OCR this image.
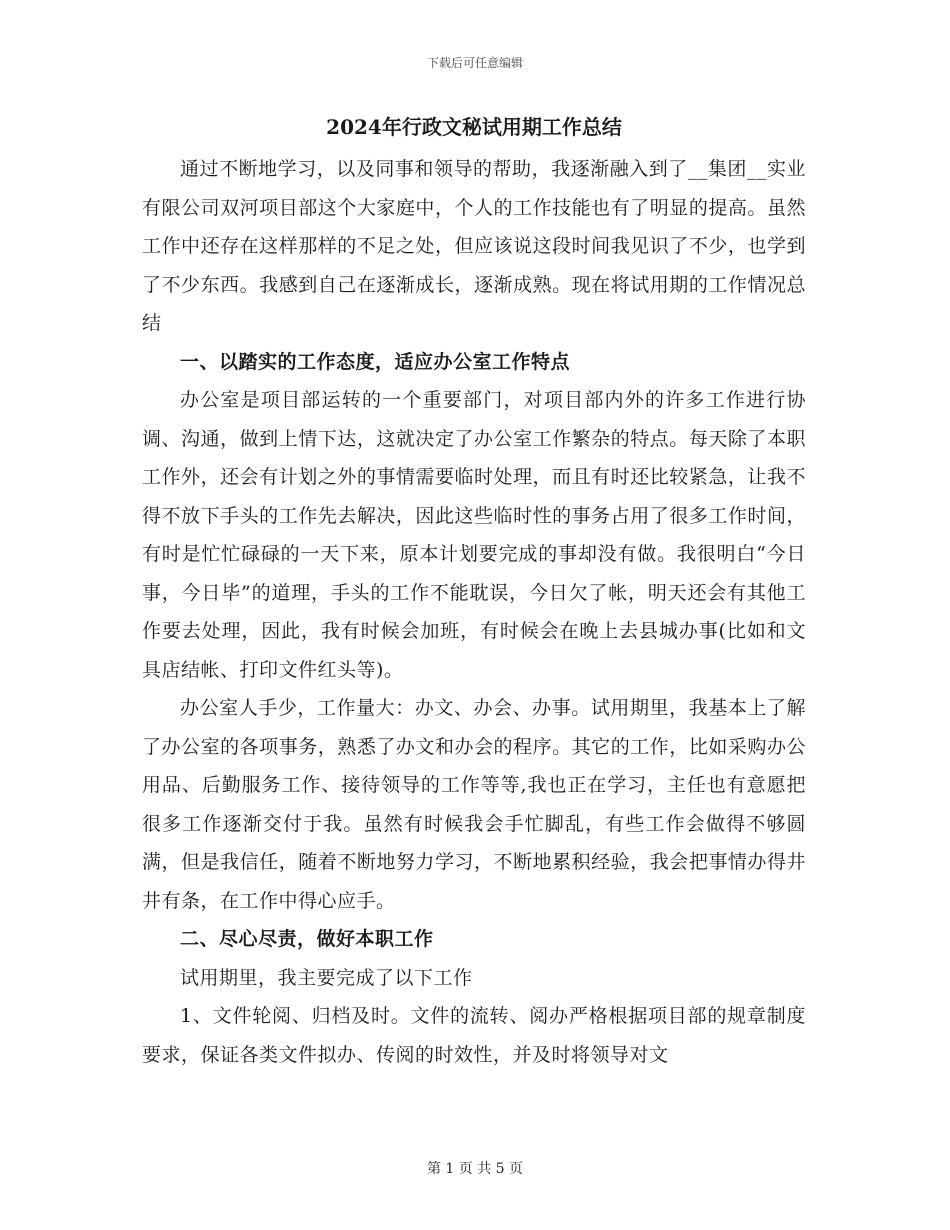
下载后可任意编辑
2024年行政文秘试用期工作总结

通过不断地学习，以及同事和领导的帮助，我逐渐融入到了__集团__实业有限公司双河项目部这个大家庭中，个人的工作技能也有了明显的提高。虽然工作中还存在这样那样的不足之处，但应该说这段时间我见识了不少，也学到了不少东西。我感到自己在逐渐成长，逐渐成熟。现在将试用期的工作情况总结

一、以踏实的工作态度，适应办公室工作特点

办公室是项目部运转的一个重要部门，对项目部内外的许多工作进行协调、沟通，做到上情下达，这就决定了办公室工作繁杂的特点。每天除了本职工作外，还会有计划之外的事情需要临时处理，而且有时还比较紧急，让我不得不放下手头的工作先去解决，因此这些临时性的事务占用了很多工作时间，有时是忙忙碌碌的一天下来，原本计划要完成的事却没有做。我很明白“今日事，今日毕”的道理，手头的工作不能耽误，今日欠了帐，明天还会有其他工作要去处理，因此，我有时候会加班，有时候会在晚上去县城办事(比如和文具店结帐、打印文件红头等)。

办公室人手少，工作量大：办文、办会、办事。试用期里，我基本上了解了办公室的各项事务，熟悉了办文和办会的程序。其它的工作，比如采购办公用品、后勤服务工作、接待领导的工作等等,我也正在学习，主任也有意愿把很多工作逐渐交付于我。虽然有时候我会手忙脚乱，有些工作会做得不够圆满，但是我信任，随着不断地努力学习，不断地累积经验，我会把事情办得井井有条，在工作中得心应手。

二、尽心尽责，做好本职工作

试用期里，我主要完成了以下工作

1、文件轮阅、归档及时。文件的流转、阅办严格根据项目部的规章制度要求，保证各类文件拟办、传阅的时效性，并及时将领导对文

第 1 页 共 5 页
